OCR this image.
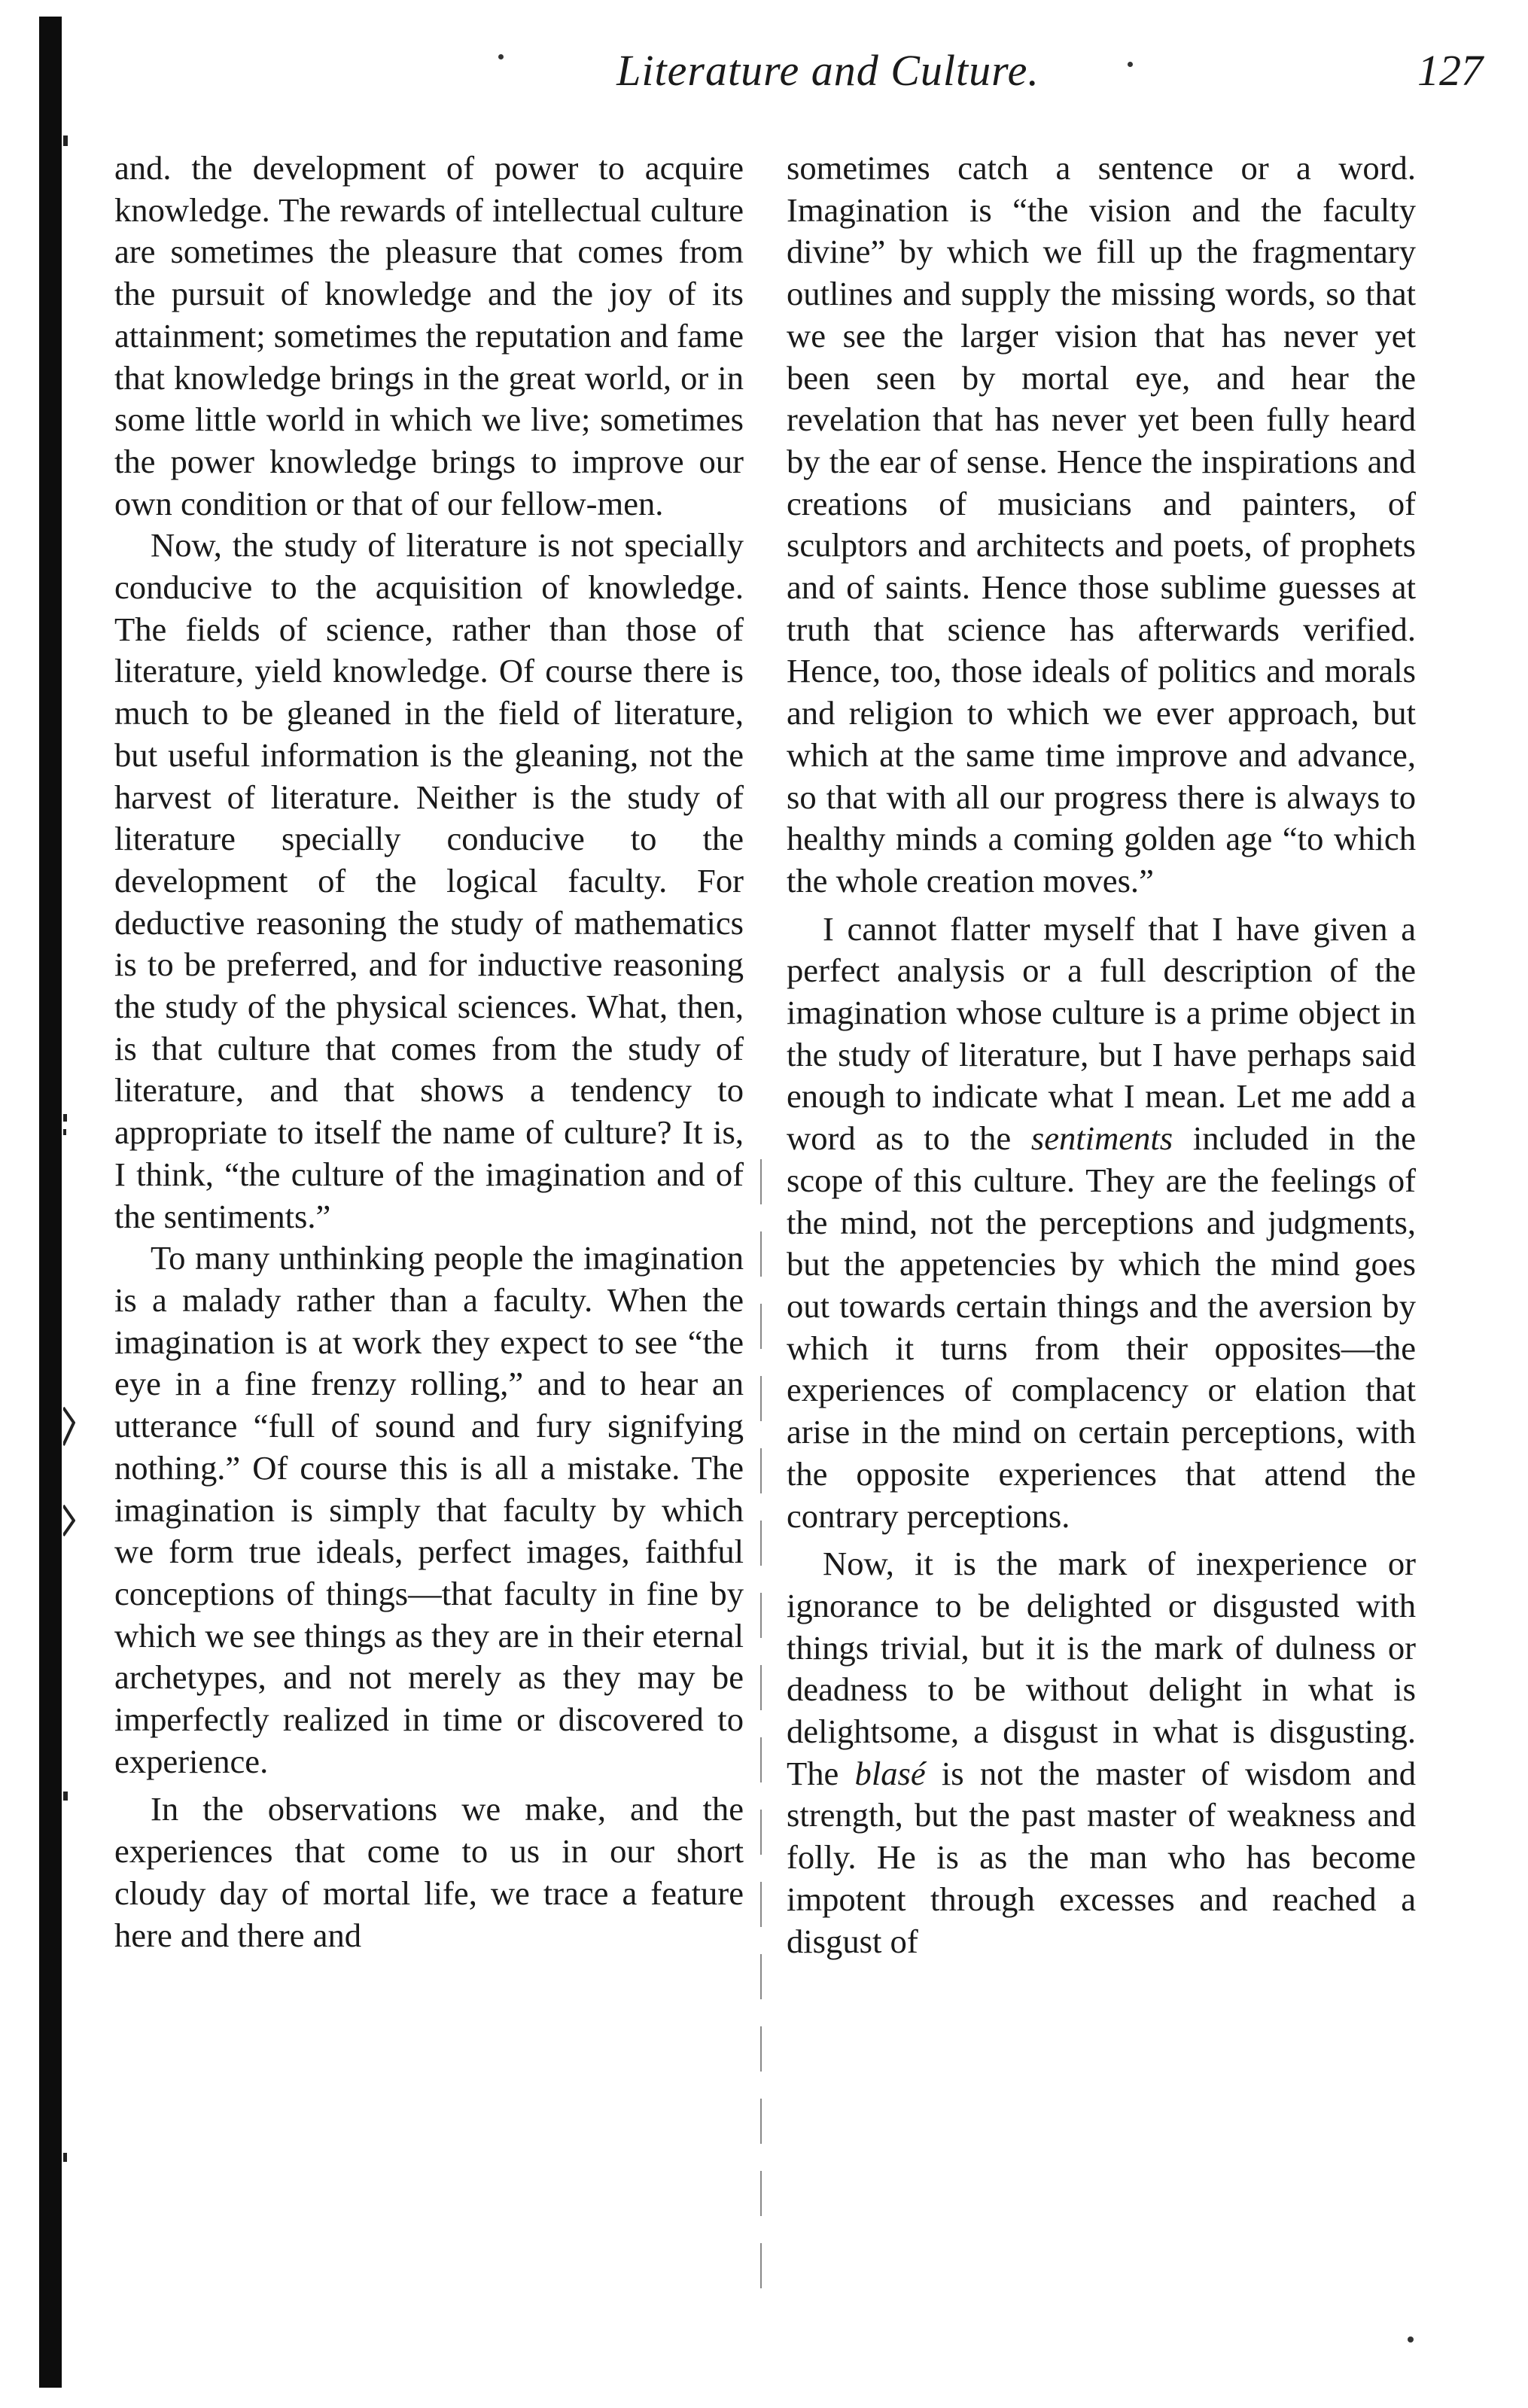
Literature and Culture.	127

and. the development of power to acquire knowledge. The rewards of intellectual culture are sometimes the pleasure that comes from the pursuit of knowledge and the joy of its attainment; sometimes the reputation and fame that knowledge brings in the great world, or in some little world in which we live; sometimes the power knowledge brings to improve our own condition or that of our fellow-men.

Now, the study of literature is not specially conducive to the acquisition of knowledge. The fields of science, rather than those of literature, yield knowledge. Of course there is much to be gleaned in the field of literature, but useful information is the gleaning, not the harvest of literature. Neither is the study of literature specially conducive to the development of the logical faculty. For deductive reasoning the study of mathematics is to be preferred, and for inductive reasoning the study of the physical sciences. What, then, is that culture that comes from the study of literature, and that shows a tendency to appropriate to itself the name of culture? It is, I think, “the culture of the imagination and of the sentiments.”

To many unthinking people the imagination is a malady rather than a faculty. When the imagination is at work they expect to see “the eye in a fine frenzy rolling,” and to hear an utterance “full of sound and fury signifying nothing.” Of course this is all a mistake. The imagination is simply that faculty by which we form true ideals, perfect images, faithful conceptions of things—that faculty in fine by which we see things as they are in their eternal archetypes, and not merely as they may be imperfectly realized in time or discovered to experience.

In the observations we make, and the experiences that come to us in our short cloudy day of mortal life, we trace a feature here and there and

sometimes catch a sentence or a word. Imagination is “the vision and the faculty divine” by which we fill up the fragmentary outlines and supply the missing words, so that we see the larger vision that has never yet been seen by mortal eye, and hear the revelation that has never yet been fully heard by the ear of sense. Hence the inspirations and creations of musicians and painters, of sculptors and architects and poets, of prophets and of saints. Hence those sublime guesses at truth that science has afterwards verified. Hence, too, those ideals of politics and morals and religion to which we ever approach, but which at the same time improve and advance, so that with all our progress there is always to healthy minds a coming golden age “to which the whole creation moves.”

I cannot flatter myself that I have given a perfect analysis or a full description of the imagination whose culture is a prime object in the study of literature, but I have perhaps said enough to indicate what I mean. Let me add a word as to the sentiments included in the scope of this culture. They are the feelings of the mind, not the perceptions and judgments, but the appetencies by which the mind goes out towards certain things and the aversion by which it turns from their opposites—the experiences of complacency or elation that arise in the mind on certain perceptions, with the opposite experiences that attend the contrary perceptions.

Now, it is the mark of inexperience or ignorance to be delighted or disgusted with things trivial, but it is the mark of dulness or deadness to be without delight in what is delightsome, a disgust in what is disgusting. The blasé is not the master of wisdom and strength, but the past master of weakness and folly. He is as the man who has become impotent through excesses and reached a disgust of
